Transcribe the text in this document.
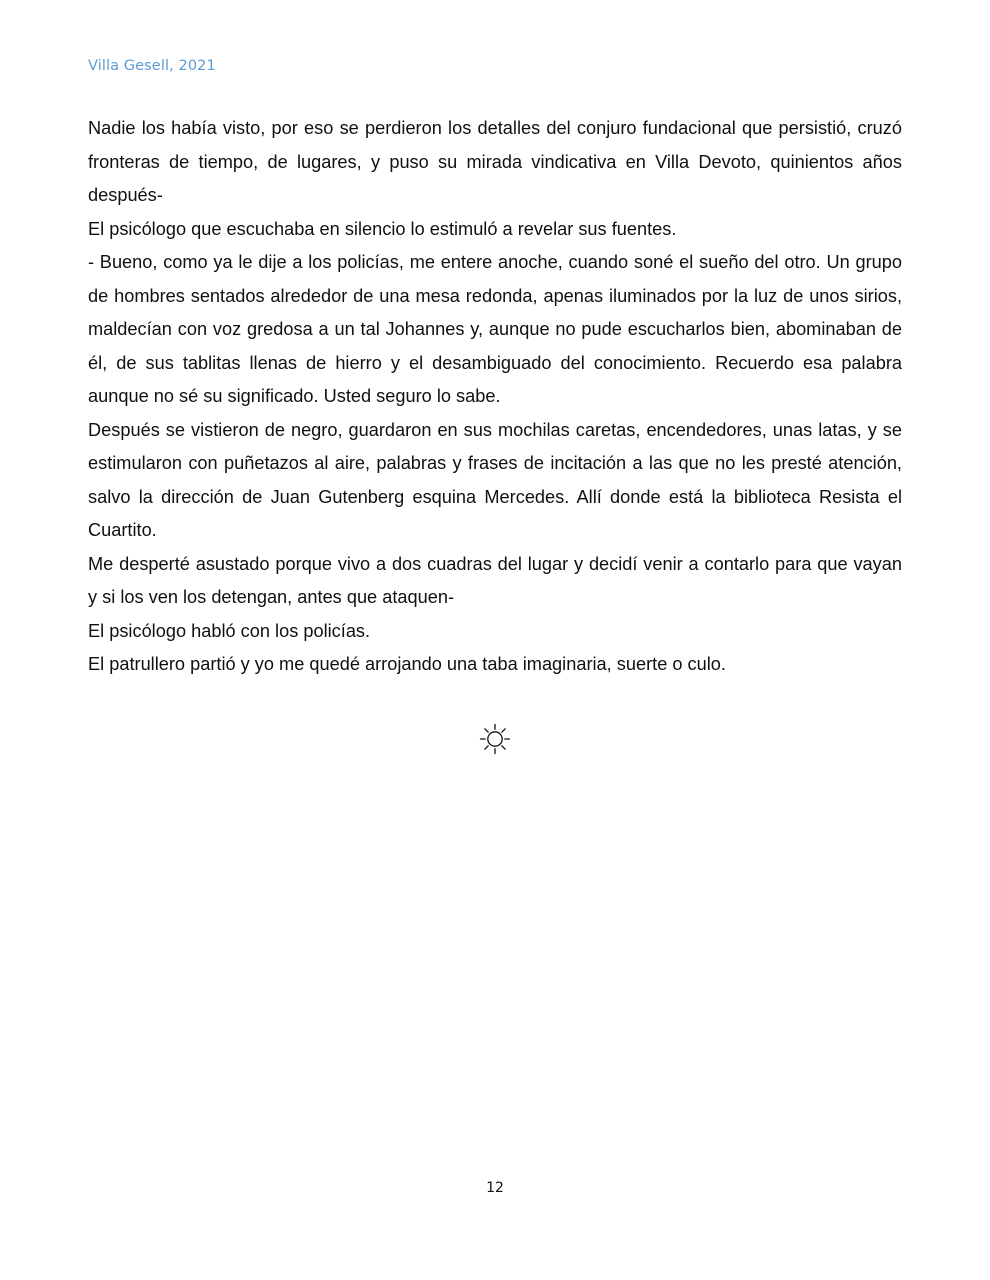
Villa Gesell, 2021

Nadie los había visto, por eso se perdieron los detalles del conjuro fundacional que persistió, cruzó fronteras de tiempo, de lugares, y puso su mirada vindicativa en Villa Devoto, quinientos años después-

El psicólogo que escuchaba en silencio lo estimuló a revelar sus fuentes.

- Bueno, como ya le dije a los policías, me entere anoche, cuando soné el sueño del otro. Un grupo de hombres sentados alrededor de una mesa redonda, apenas iluminados por la luz de unos sirios, maldecían con voz gredosa a un tal Johannes y, aunque no pude escucharlos bien, abominaban de él, de sus tablitas llenas de hierro y el desambiguado del conocimiento. Recuerdo esa palabra aunque no sé su significado. Usted seguro lo sabe.

Después se vistieron de negro, guardaron en sus mochilas caretas, encendedores, unas latas, y se estimularon con puñetazos al aire, palabras y frases de incitación a las que no les presté atención, salvo la dirección de Juan Gutenberg esquina Mercedes. Allí donde está la biblioteca Resista el Cuartito.

Me desperté asustado porque vivo a dos cuadras del lugar y decidí venir a contarlo para que vayan y si los ven los detengan, antes que ataquen-

El psicólogo habló con los policías.

El patrullero partió y yo me quedé arrojando una taba imaginaria, suerte o culo.

12
